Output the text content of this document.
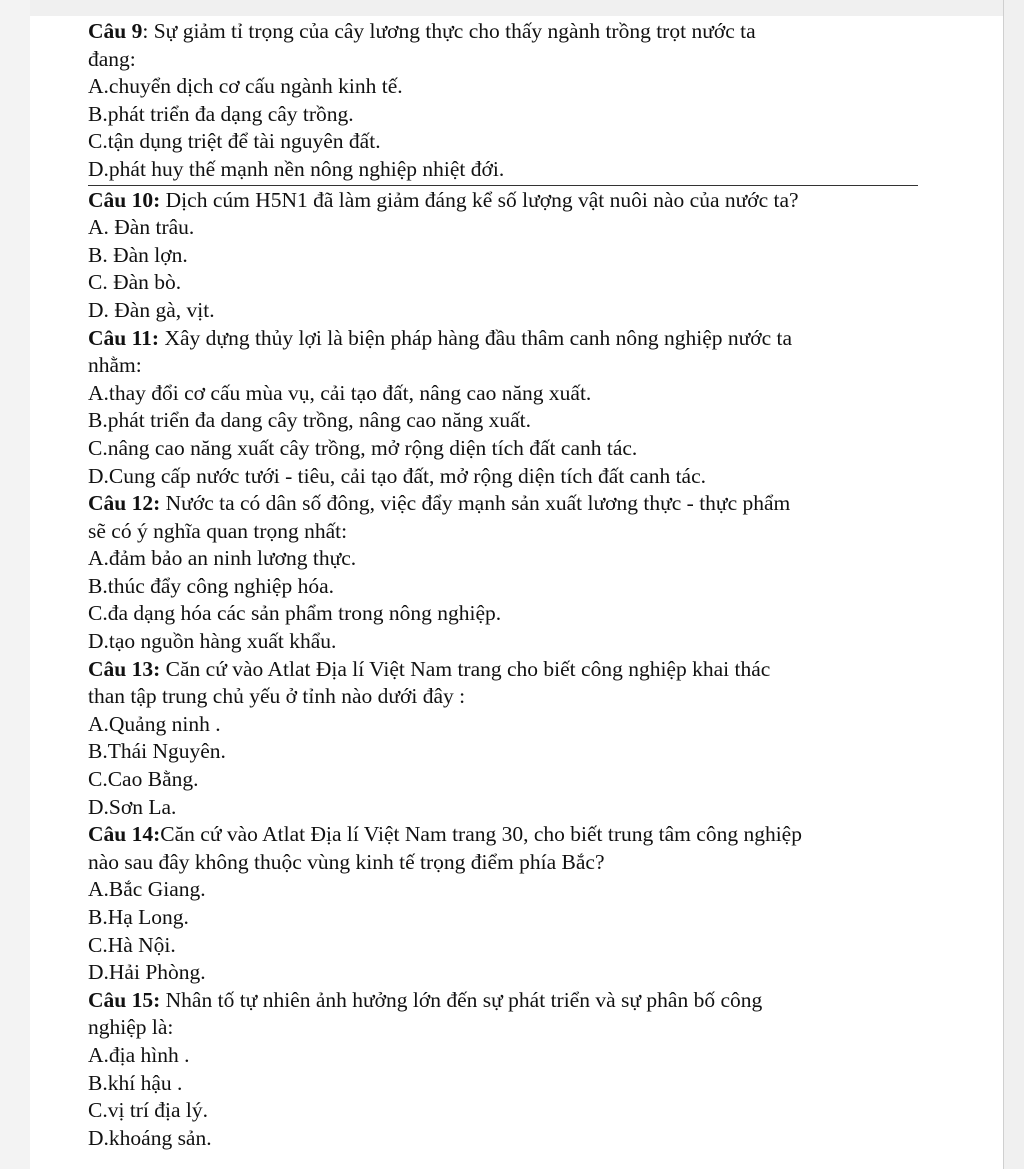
Câu 9: Sự giảm tỉ trọng của cây lương thực cho thấy ngành trồng trọt nước ta
đang:
A.chuyển dịch cơ cấu ngành kinh tế.
B.phát triển đa dạng cây trồng.
C.tận dụng triệt để tài nguyên đất.
D.phát huy thế mạnh nền nông nghiệp nhiệt đới.
Câu 10: Dịch cúm H5N1 đã làm giảm đáng kể số lượng vật nuôi nào của nước ta?
A. Đàn trâu.
B. Đàn lợn.
C. Đàn bò.
D. Đàn gà, vịt.
Câu 11: Xây dựng thủy lợi là biện pháp hàng đầu thâm canh nông nghiệp nước ta
nhằm:
A.thay đổi cơ cấu mùa vụ, cải tạo đất, nâng cao năng xuất.
B.phát triển đa dang cây trồng, nâng cao năng xuất.
C.nâng cao năng xuất cây trồng, mở rộng diện tích đất canh tác.
D.Cung cấp nước tưới - tiêu, cải tạo đất, mở rộng diện tích đất canh tác.
Câu 12: Nước ta có dân số đông, việc đẩy mạnh sản xuất lương thực - thực phẩm
sẽ có ý nghĩa quan trọng nhất:
A.đảm bảo an ninh lương thực.
B.thúc đẩy công nghiệp hóa.
C.đa dạng hóa các sản phẩm trong nông nghiệp.
D.tạo nguồn hàng xuất khẩu.
Câu 13: Căn cứ vào Atlat Địa lí Việt Nam trang cho biết công nghiệp khai thác
than tập trung chủ yếu ở tỉnh nào dưới đây :
A.Quảng ninh .
B.Thái Nguyên.
C.Cao Bằng.
D.Sơn La.
Câu 14:Căn cứ vào Atlat Địa lí Việt Nam trang 30, cho biết trung tâm công nghiệp
nào sau đây không thuộc vùng kinh tế trọng điểm phía Bắc?
A.Bắc Giang.
B.Hạ Long.
C.Hà Nội.
D.Hải Phòng.
Câu 15: Nhân tố tự nhiên ảnh hưởng lớn đến sự phát triển và sự phân bố công
nghiệp là:
A.địa hình .
B.khí hậu .
C.vị trí địa lý.
D.khoáng sản.
